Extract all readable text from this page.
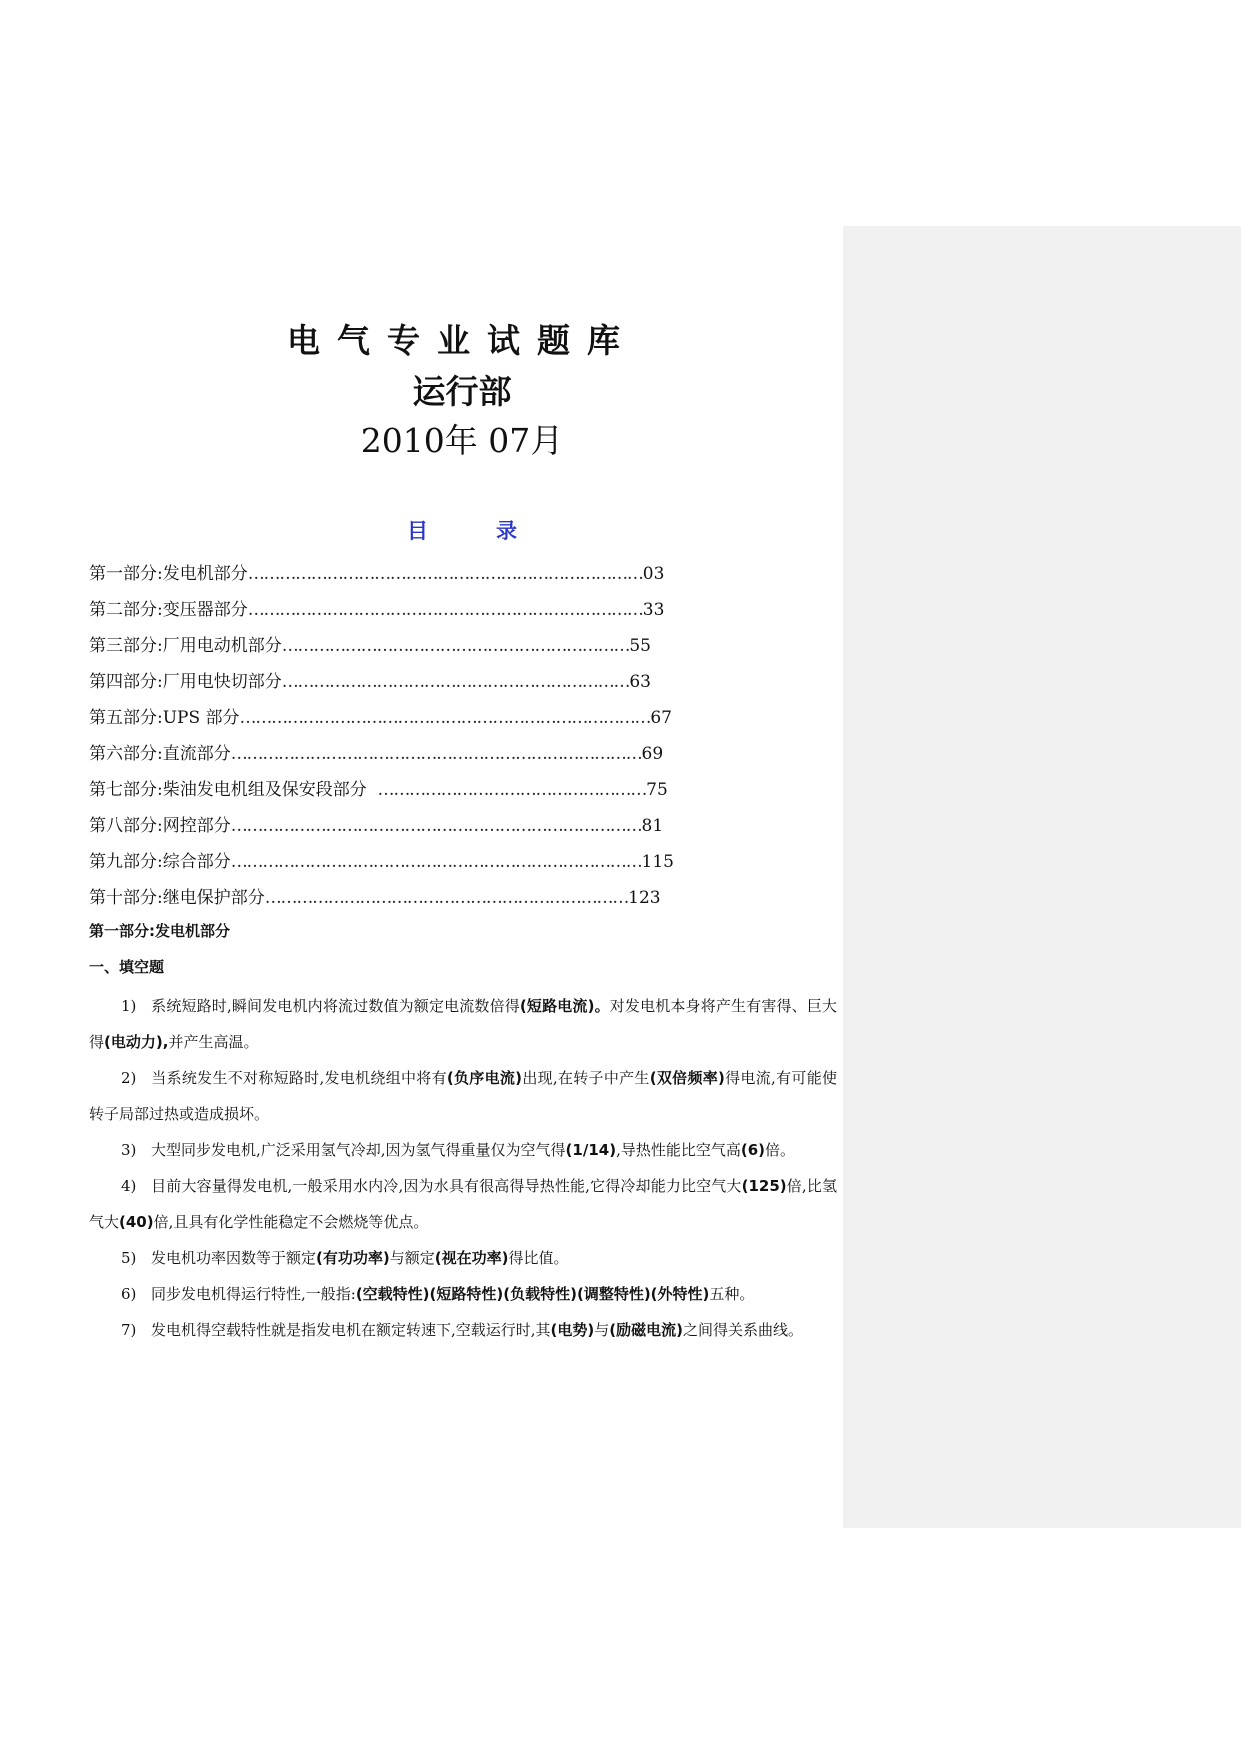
电气专业试题库
运行部
2010年 07月
目	录
第一部分:发电机部分 ………………………………………………………………… 03
第二部分:变压器部分 ………………………………………………………………… 33
第三部分:厂用电动机部分 ………………………………………………………… 55
第四部分:厂用电快切部分 ………………………………………………………… 63
第五部分:UPS 部分 …………………………………………………………………… 67
第六部分:直流部分 …………………………………………………………………… 69
第七部分:柴油发电机组及保安段部分 …………………………………………… 75
第八部分:网控部分 …………………………………………………………………… 81
第九部分:综合部分 …………………………………………………………………… 115
第十部分:继电保护部分 …………………………………………………………… 123
第一部分:发电机部分
一、填空题

1) 系统短路时,瞬间发电机内将流过数值为额定电流数倍得(短路电流)。对发电机本身将产生有害得、巨大得(电动力),并产生高温。

2) 当系统发生不对称短路时,发电机绕组中将有(负序电流)出现,在转子中产生(双倍频率)得电流,有可能使转子局部过热或造成损坏。

3) 大型同步发电机,广泛采用氢气冷却,因为氢气得重量仅为空气得(1/14),导热性能比空气高(6)倍。

4) 目前大容量得发电机,一般采用水内冷,因为水具有很高得导热性能,它得冷却能力比空气大(125)倍,比氢气大(40)倍,且具有化学性能稳定不会燃烧等优点。

5) 发电机功率因数等于额定(有功功率)与额定(视在功率)得比值。

6) 同步发电机得运行特性,一般指:(空载特性)(短路特性)(负载特性)(调整特性)(外特性)五种。

7) 发电机得空载特性就是指发电机在额定转速下,空载运行时,其(电势)与(励磁电流)之间得关系曲线。
